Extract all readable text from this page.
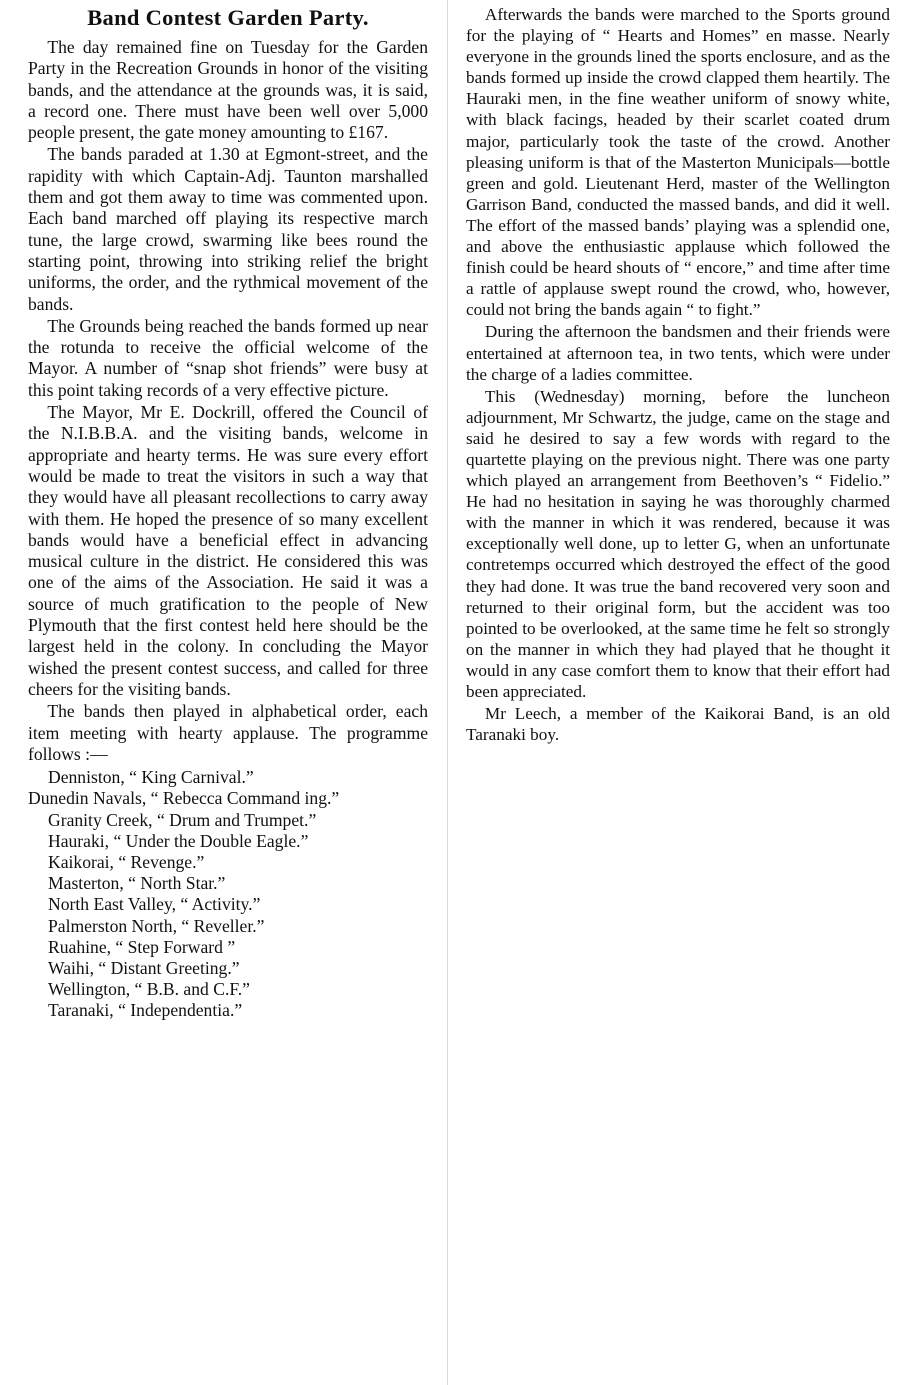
Band Contest Garden Party.

The day remained fine on Tuesday for the Garden Party in the Recreation Grounds in honor of the visiting bands, and the attendance at the grounds was, it is said, a record one. There must have been well over 5,000 people present, the gate money amounting to £167.

The bands paraded at 1.30 at Egmont-street, and the rapidity with which Captain-Adj. Taunton marshalled them and got them away to time was commented upon. Each band marched off playing its respective march tune, the large crowd, swarming like bees round the starting point, throwing into striking relief the bright uniforms, the order, and the rythmical movement of the bands.

The Grounds being reached the bands formed up near the rotunda to receive the official welcome of the Mayor. A number of “snap shot friends” were busy at this point taking records of a very effective picture.

The Mayor, Mr E. Dockrill, offered the Council of the N.I.B.B.A. and the visiting bands, welcome in appropriate and hearty terms. He was sure every effort would be made to treat the visitors in such a way that they would have all pleasant recollections to carry away with them. He hoped the presence of so many excellent bands would have a beneficial effect in advancing musical culture in the district. He considered this was one of the aims of the Association. He said it was a source of much gratification to the people of New Plymouth that the first contest held here should be the largest held in the colony. In concluding the Mayor wished the present contest success, and called for three cheers for the visiting bands.

The bands then played in alphabetical order, each item meeting with hearty applause. The programme follows :—

Denniston, “ King Carnival.”
Dunedin Navals, “ Rebecca Command ing.”
Granity Creek, “ Drum and Trumpet.”
Hauraki, “ Under the Double Eagle.”
Kaikorai, “ Revenge.”
Masterton, “ North Star.”
North East Valley, “ Activity.”
Palmerston North, “ Reveller.”
Ruahine, “ Step Forward ”
Waihi, “ Distant Greeting.”
Wellington, “ B.B. and C.F.”
Taranaki, “ Independentia.”

Afterwards the bands were marched to the Sports ground for the playing of “ Hearts and Homes” en masse. Nearly everyone in the grounds lined the sports enclosure, and as the bands formed up inside the crowd clapped them heartily. The Hauraki men, in the fine weather uniform of snowy white, with black facings, headed by their scarlet coated drum major, particularly took the taste of the crowd. Another pleasing uniform is that of the Masterton Municipals—bottle green and gold. Lieutenant Herd, master of the Wellington Garrison Band, conducted the massed bands, and did it well. The effort of the massed bands’ playing was a splendid one, and above the enthusiastic applause which followed the finish could be heard shouts of “ encore,” and time after time a rattle of applause swept round the crowd, who, however, could not bring the bands again “ to fight.”

During the afternoon the bandsmen and their friends were entertained at afternoon tea, in two tents, which were under the charge of a ladies committee.

This (Wednesday) morning, before the luncheon adjournment, Mr Schwartz, the judge, came on the stage and said he desired to say a few words with regard to the quartette playing on the previous night. There was one party which played an arrangement from Beethoven’s “ Fidelio.” He had no hesitation in saying he was thoroughly charmed with the manner in which it was rendered, because it was exceptionally well done, up to letter G, when an unfortunate contretemps occurred which destroyed the effect of the good they had done. It was true the band recovered very soon and returned to their original form, but the accident was too pointed to be overlooked, at the same time he felt so strongly on the manner in which they had played that he thought it would in any case comfort them to know that their effort had been appreciated.

Mr Leech, a member of the Kaikorai Band, is an old Taranaki boy.
